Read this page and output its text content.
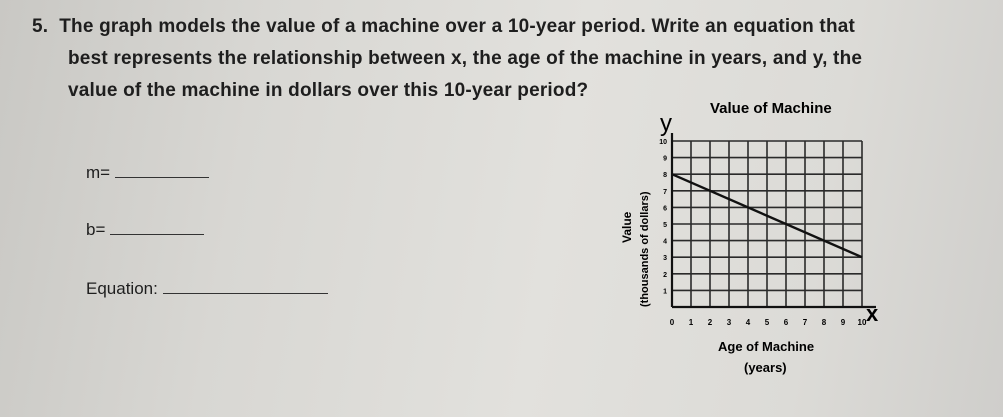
5. The graph models the value of a machine over a 10-year period. Write an equation that
best represents the relationship between x, the age of the machine in years, and y, the
value of the machine in dollars over this 10-year period?
m=
b=
Equation:
0 1 2 3 4 5 6 7 8 9 10
1
2
3
4
5
6
7
8
9
10
Value of Machine
y
x
Age of Machine
(years)
Value (thousands of dollars)
